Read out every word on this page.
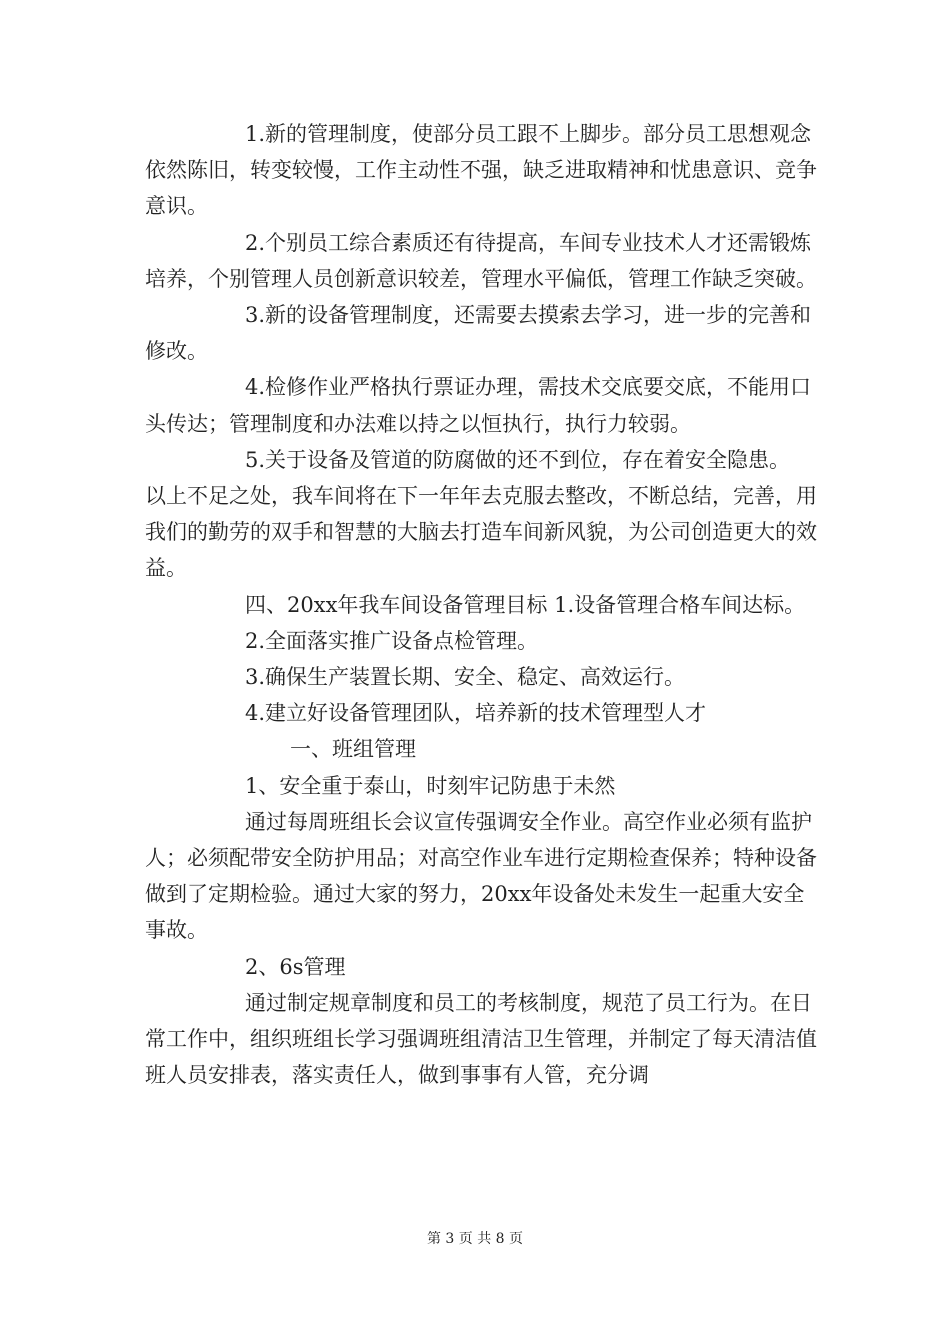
1.新的管理制度，使部分员工跟不上脚步。部分员工思想观念依然陈旧，转变较慢，工作主动性不强，缺乏进取精神和忧患意识、竞争意识。

2.个别员工综合素质还有待提高，车间专业技术人才还需锻炼培养，个别管理人员创新意识较差，管理水平偏低，管理工作缺乏突破。

3.新的设备管理制度，还需要去摸索去学习，进一步的完善和修改。

4.检修作业严格执行票证办理，需技术交底要交底，不能用口头传达；管理制度和办法难以持之以恒执行，执行力较弱。

5.关于设备及管道的防腐做的还不到位，存在着安全隐患。

以上不足之处，我车间将在下一年年去克服去整改，不断总结，完善，用我们的勤劳的双手和智慧的大脑去打造车间新风貌，为公司创造更大的效益。

四、20xx年我车间设备管理目标 1.设备管理合格车间达标。

2.全面落实推广设备点检管理。

3.确保生产装置长期、安全、稳定、高效运行。

4.建立好设备管理团队，培养新的技术管理型人才

一、班组管理

1、安全重于泰山，时刻牢记防患于未然

通过每周班组长会议宣传强调安全作业。高空作业必须有监护人；必须配带安全防护用品；对高空作业车进行定期检查保养；特种设备做到了定期检验。通过大家的努力，20xx年设备处未发生一起重大安全事故。

2、6s管理

通过制定规章制度和员工的考核制度，规范了员工行为。在日常工作中，组织班组长学习强调班组清洁卫生管理，并制定了每天清洁值班人员安排表，落实责任人，做到事事有人管，充分调

第 3 页 共 8 页
